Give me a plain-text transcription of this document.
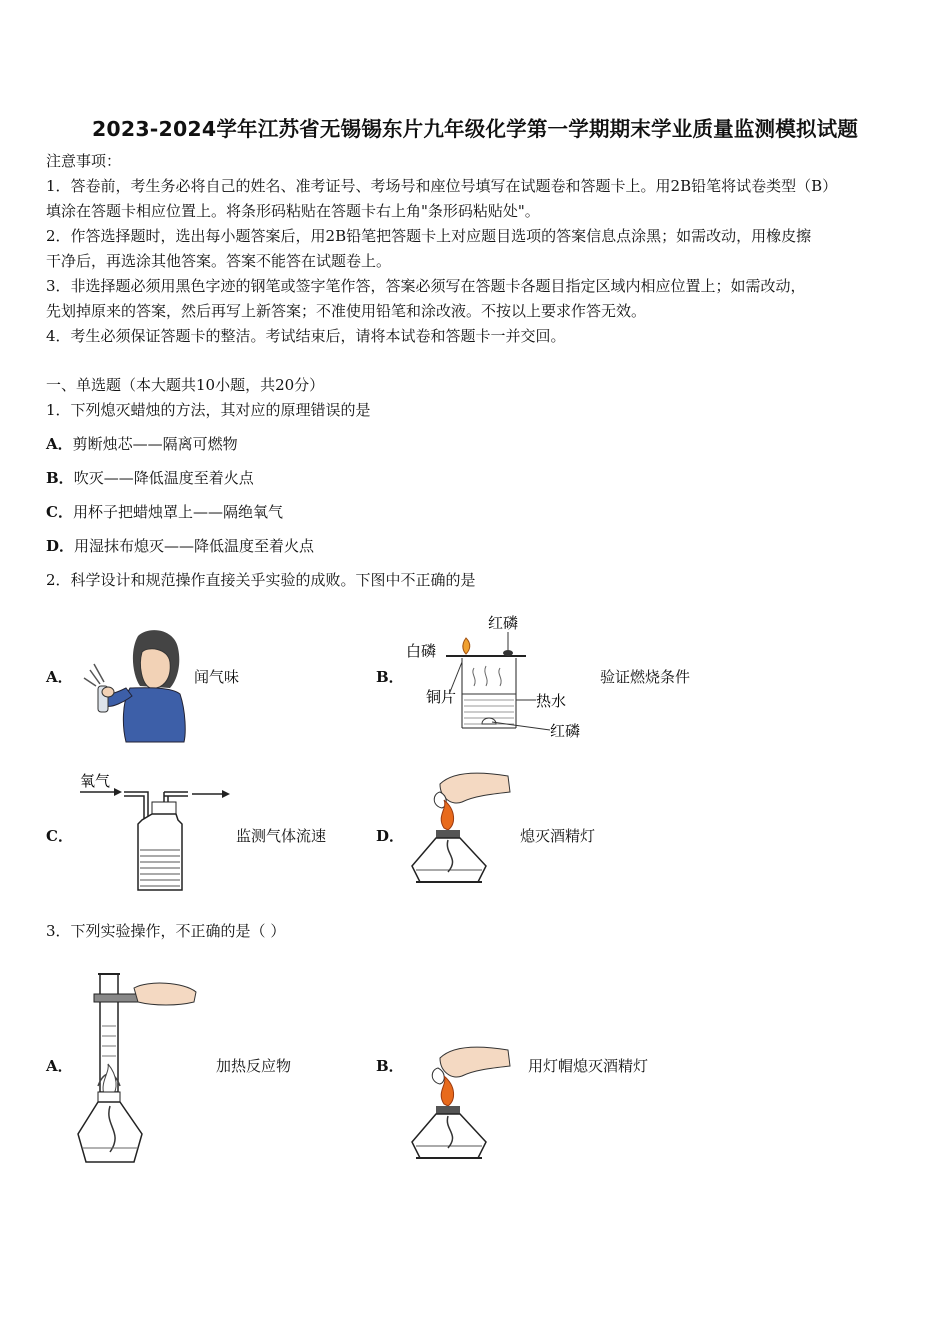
2023-2024学年江苏省无锡锡东片九年级化学第一学期期末学业质量监测模拟试题
注意事项：
1．答卷前，考生务必将自己的姓名、准考证号、考场号和座位号填写在试题卷和答题卡上。用2B铅笔将试卷类型（B）
填涂在答题卡相应位置上。将条形码粘贴在答题卡右上角"条形码粘贴处"。
2．作答选择题时，选出每小题答案后，用2B铅笔把答题卡上对应题目选项的答案信息点涂黑；如需改动，用橡皮擦
干净后，再选涂其他答案。答案不能答在试题卷上。
3．非选择题必须用黑色字迹的钢笔或签字笔作答，答案必须写在答题卡各题目指定区域内相应位置上；如需改动，
先划掉原来的答案，然后再写上新答案；不准使用铅笔和涂改液。不按以上要求作答无效。
4．考生必须保证答题卡的整洁。考试结束后，请将本试卷和答题卡一并交回。
一、单选题（本大题共10小题，共20分）
1．下列熄灭蜡烛的方法，其对应的原理错误的是
A．剪断烛芯——隔离可燃物
B．吹灭——降低温度至着火点
C．用杯子把蜡烛罩上——隔绝氧气
D．用湿抹布熄灭——降低温度至着火点
2．科学设计和规范操作直接关乎实验的成败。下图中不正确的是
A．	闻气味	B．
红磷
白磷
铜片	热水
红磷
验证燃烧条件
C．
氧气
监测气体流速	D．	熄灭酒精灯
3．下列实验操作，不正确的是（ ）
A．	加热反应物	B．	用灯帽熄灭酒精灯
